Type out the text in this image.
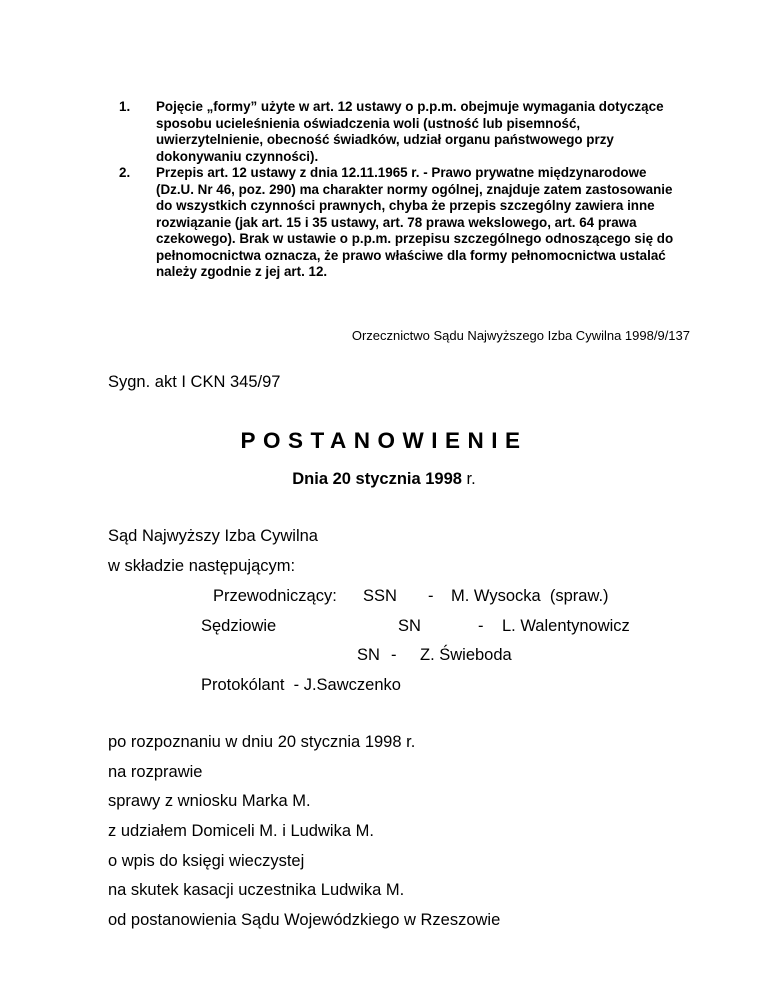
1.	Pojęcie „formy” użyte w art. 12 ustawy o p.p.m. obejmuje wymagania dotyczące sposobu ucieleśnienia oświadczenia woli (ustność lub pisemność, uwierzytelnienie, obecność świadków, udział organu państwowego przy dokonywaniu czynności).
2.	Przepis art. 12 ustawy z dnia 12.11.1965 r. - Prawo prywatne międzynarodowe (Dz.U. Nr 46, poz. 290) ma charakter normy ogólnej, znajduje zatem zastosowanie do wszystkich czynności prawnych, chyba że przepis szczególny zawiera inne rozwiązanie (jak art. 15 i 35 ustawy, art. 78 prawa wekslowego, art. 64 prawa czekowego). Brak w ustawie o p.p.m. przepisu szczególnego odnoszącego się do pełnomocnictwa oznacza, że prawo właściwe dla formy pełnomocnictwa ustalać należy zgodnie z jej art. 12.
Orzecznictwo Sądu Najwyższego Izba Cywilna 1998/9/137
Sygn. akt I CKN 345/97
POSTANOWIENIE
Dnia 20 stycznia 1998 r.
Sąd Najwyższy Izba Cywilna
w składzie następującym:
Przewodniczący: SSN - M. Wysocka  (spraw.)
Sędziowie	SN	- L. Walentynowicz
SN - Z. Świeboda
Protokólant  - J.Sawczenko
po rozpoznaniu w dniu 20 stycznia 1998 r.
na rozprawie
sprawy z wniosku Marka M.
z udziałem Domiceli M. i Ludwika M.
o wpis do księgi wieczystej
na skutek kasacji uczestnika Ludwika M.
od postanowienia Sądu Wojewódzkiego w Rzeszowie
